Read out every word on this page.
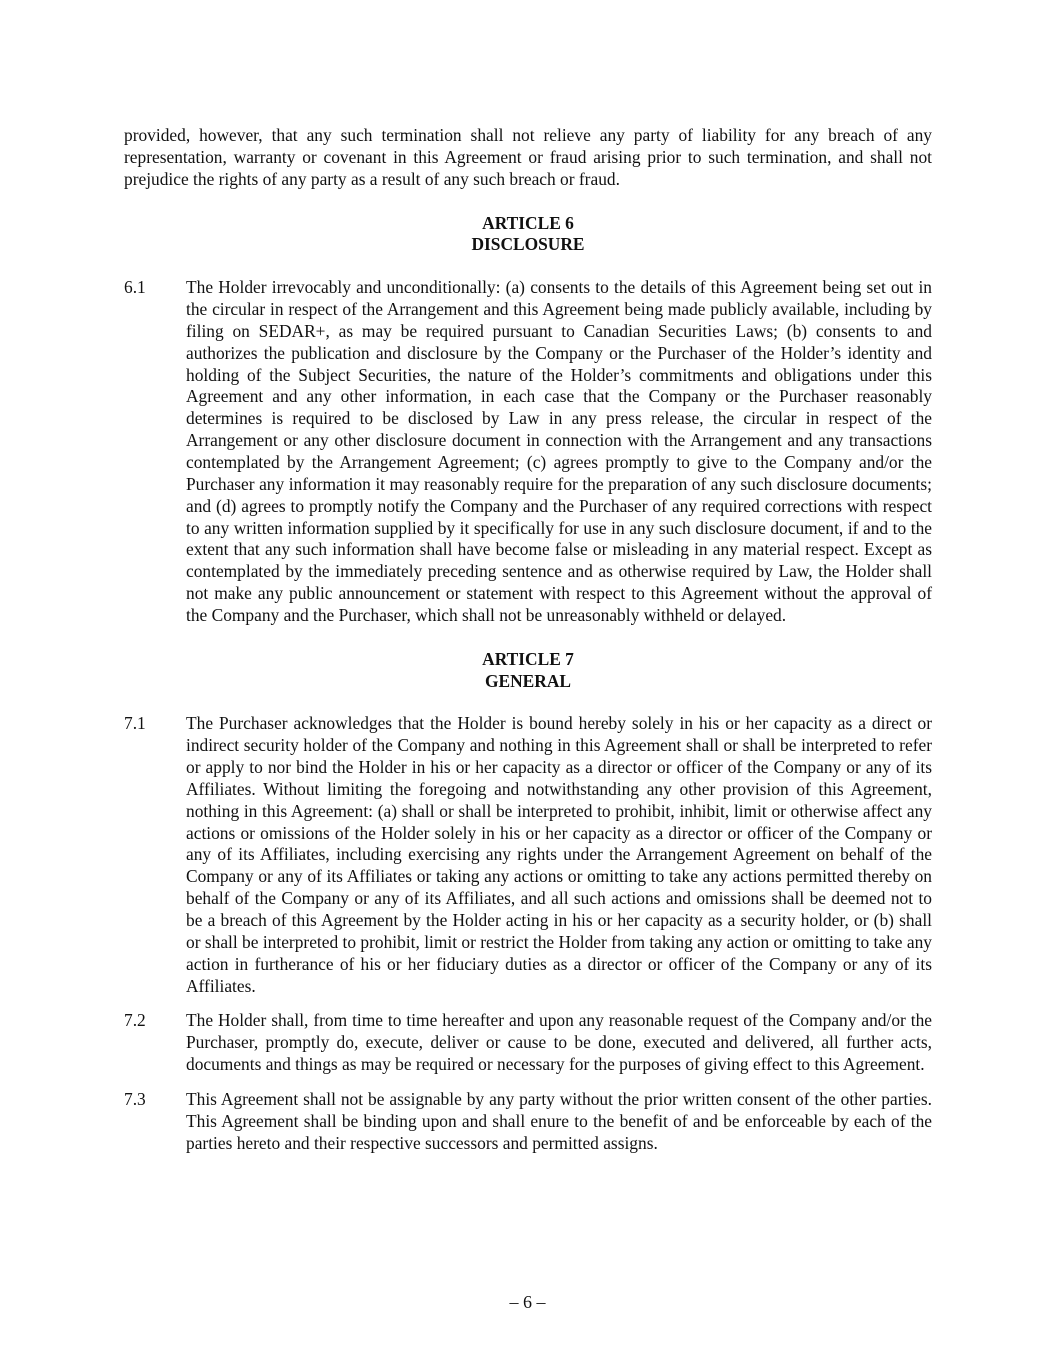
provided, however, that any such termination shall not relieve any party of liability for any breach of any representation, warranty or covenant in this Agreement or fraud arising prior to such termination, and shall not prejudice the rights of any party as a result of any such breach or fraud.

ARTICLE 6
DISCLOSURE
6.1	The Holder irrevocably and unconditionally: (a) consents to the details of this Agreement being set out in the circular in respect of the Arrangement and this Agreement being made publicly available, including by filing on SEDAR+, as may be required pursuant to Canadian Securities Laws; (b) consents to and authorizes the publication and disclosure by the Company or the Purchaser of the Holder’s identity and holding of the Subject Securities, the nature of the Holder’s commitments and obligations under this Agreement and any other information, in each case that the Company or the Purchaser reasonably determines is required to be disclosed by Law in any press release, the circular in respect of the Arrangement or any other disclosure document in connection with the Arrangement and any transactions contemplated by the Arrangement Agreement; (c) agrees promptly to give to the Company and/or the Purchaser any information it may reasonably require for the preparation of any such disclosure documents; and (d) agrees to promptly notify the Company and the Purchaser of any required corrections with respect to any written information supplied by it specifically for use in any such disclosure document, if and to the extent that any such information shall have become false or misleading in any material respect. Except as contemplated by the immediately preceding sentence and as otherwise required by Law, the Holder shall not make any public announcement or statement with respect to this Agreement without the approval of the Company and the Purchaser, which shall not be unreasonably withheld or delayed.
ARTICLE 7
GENERAL
7.1	The Purchaser acknowledges that the Holder is bound hereby solely in his or her capacity as a direct or indirect security holder of the Company and nothing in this Agreement shall or shall be interpreted to refer or apply to nor bind the Holder in his or her capacity as a director or officer of the Company or any of its Affiliates. Without limiting the foregoing and notwithstanding any other provision of this Agreement, nothing in this Agreement: (a) shall or shall be interpreted to prohibit, inhibit, limit or otherwise affect any actions or omissions of the Holder solely in his or her capacity as a director or officer of the Company or any of its Affiliates, including exercising any rights under the Arrangement Agreement on behalf of the Company or any of its Affiliates or taking any actions or omitting to take any actions permitted thereby on behalf of the Company or any of its Affiliates, and all such actions and omissions shall be deemed not to be a breach of this Agreement by the Holder acting in his or her capacity as a security holder, or (b) shall or shall be interpreted to prohibit, limit or restrict the Holder from taking any action or omitting to take any action in furtherance of his or her fiduciary duties as a director or officer of the Company or any of its Affiliates.
7.2	The Holder shall, from time to time hereafter and upon any reasonable request of the Company and/or the Purchaser, promptly do, execute, deliver or cause to be done, executed and delivered, all further acts, documents and things as may be required or necessary for the purposes of giving effect to this Agreement.
7.3	This Agreement shall not be assignable by any party without the prior written consent of the other parties. This Agreement shall be binding upon and shall enure to the benefit of and be enforceable by each of the parties hereto and their respective successors and permitted assigns.
– 6 –
